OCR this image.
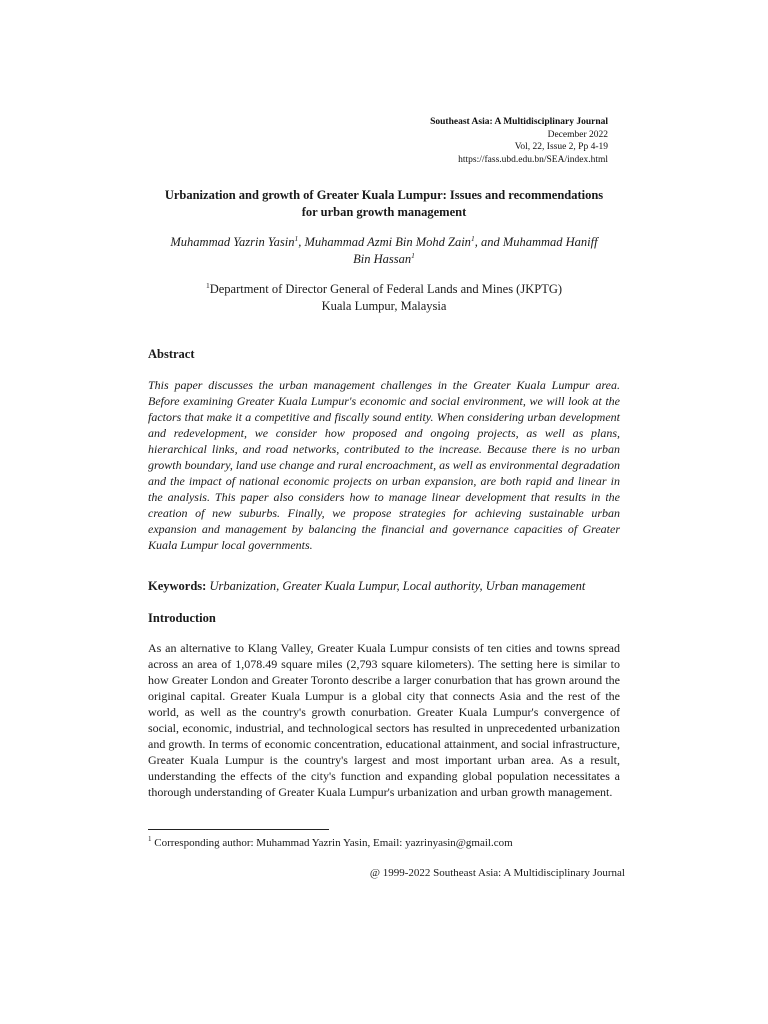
Southeast Asia: A Multidisciplinary Journal
December 2022
Vol, 22, Issue 2, Pp 4-19
https://fass.ubd.edu.bn/SEA/index.html
Urbanization and growth of Greater Kuala Lumpur: Issues and recommendations
for urban growth management
Muhammad Yazrin Yasin$^1$, Muhammad Azmi Bin Mohd Zain$^1$, and Muhammad Haniff
Bin Hassan$^1$
$^1$Department of Director General of Federal Lands and Mines (JKPTG)
Kuala Lumpur, Malaysia
Abstract
This paper discusses the urban management challenges in the Greater Kuala Lumpur area. Before examining Greater Kuala Lumpur's economic and social environment, we will look at the factors that make it a competitive and fiscally sound entity. When considering urban development and redevelopment, we consider how proposed and ongoing projects, as well as plans, hierarchical links, and road networks, contributed to the increase. Because there is no urban growth boundary, land use change and rural encroachment, as well as environmental degradation and the impact of national economic projects on urban expansion, are both rapid and linear in the analysis. This paper also considers how to manage linear development that results in the creation of new suburbs. Finally, we propose strategies for achieving sustainable urban expansion and management by balancing the financial and governance capacities of Greater Kuala Lumpur local governments.
Keywords: Urbanization, Greater Kuala Lumpur, Local authority, Urban management
Introduction
As an alternative to Klang Valley, Greater Kuala Lumpur consists of ten cities and towns spread across an area of 1,078.49 square miles (2,793 square kilometers). The setting here is similar to how Greater London and Greater Toronto describe a larger conurbation that has grown around the original capital. Greater Kuala Lumpur is a global city that connects Asia and the rest of the world, as well as the country's growth conurbation. Greater Kuala Lumpur's convergence of social, economic, industrial, and technological sectors has resulted in unprecedented urbanization and growth. In terms of economic concentration, educational attainment, and social infrastructure, Greater Kuala Lumpur is the country's largest and most important urban area. As a result, understanding the effects of the city's function and expanding global population necessitates a thorough understanding of Greater Kuala Lumpur's urbanization and urban growth management.
$^1$ Corresponding author: Muhammad Yazrin Yasin, Email: yazrinyasin@gmail.com
@ 1999-2022 Southeast Asia: A Multidisciplinary Journal
